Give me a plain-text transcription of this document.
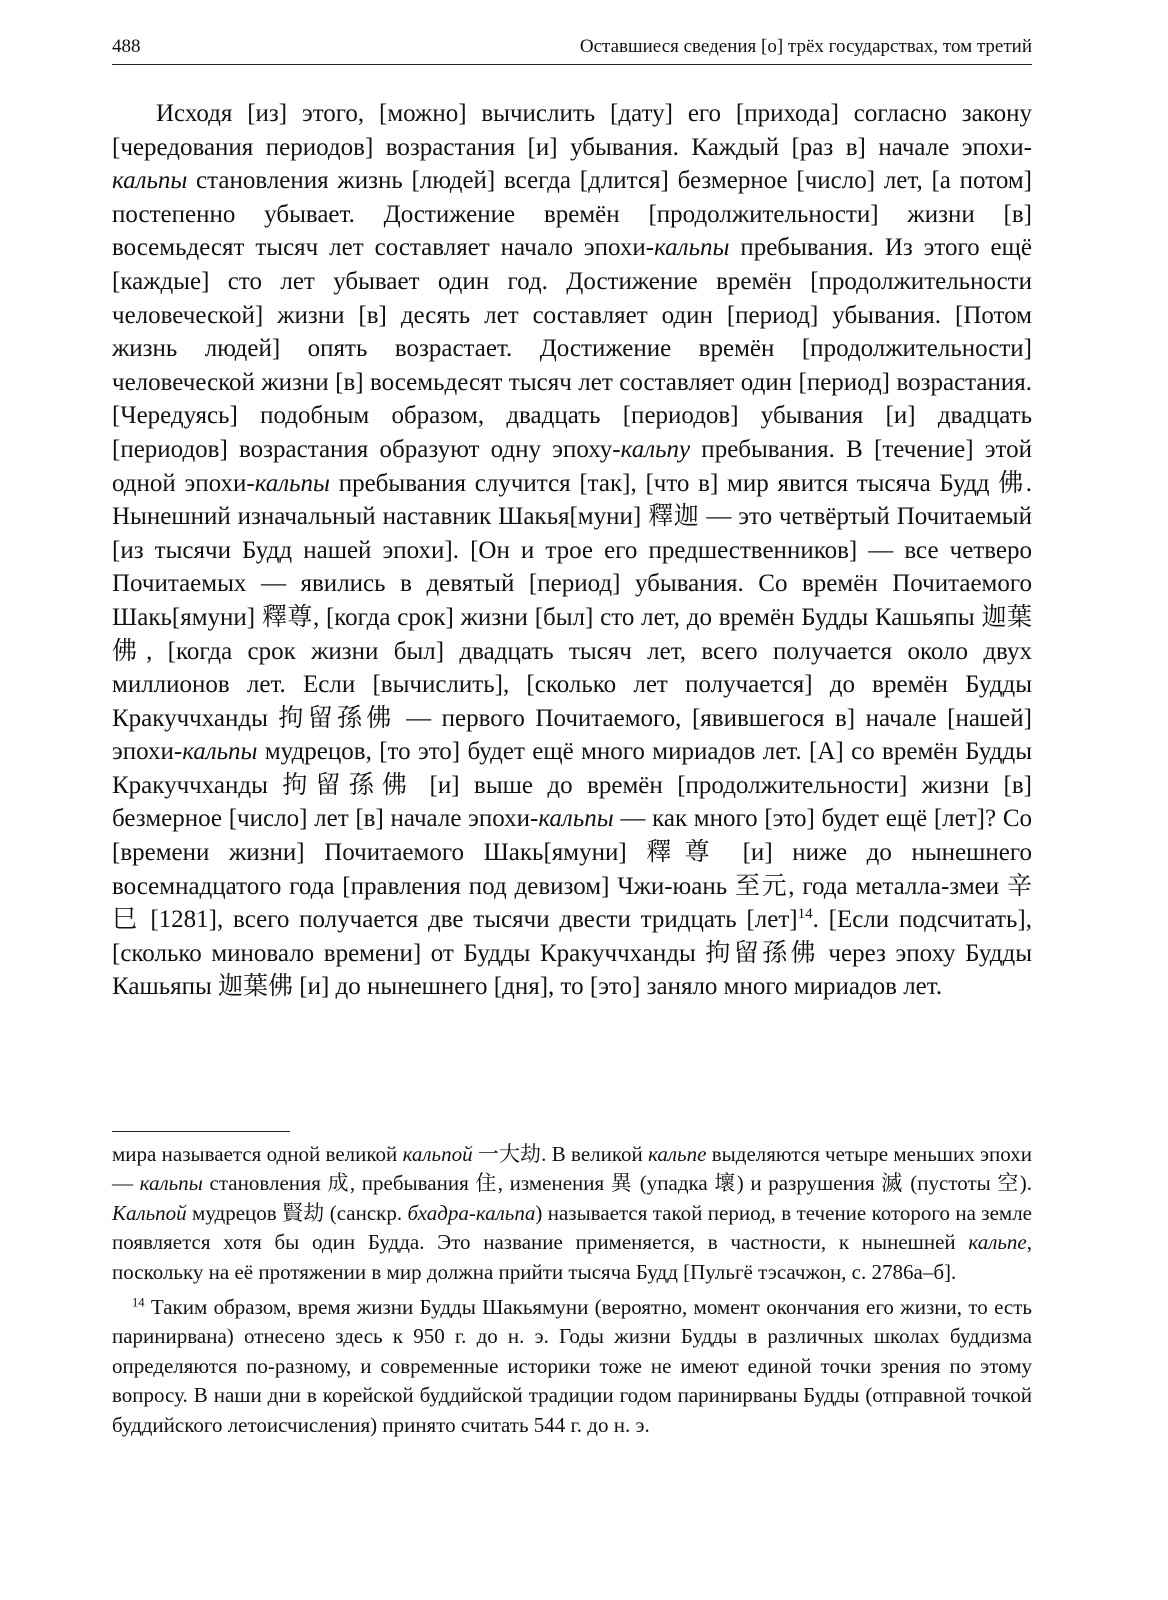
488	Оставшиеся сведения [о] трёх государствах, том третий

Исходя [из] этого, [можно] вычислить [дату] его [прихода] согласно закону [чередования периодов] возрастания [и] убывания. Каждый [раз в] начале эпохи-кальпы становления жизнь [людей] всегда [длится] безмерное [число] лет, [а потом] постепенно убывает. Достижение времён [продолжительности] жизни [в] восемьдесят тысяч лет составляет начало эпохи-кальпы пребывания. Из этого ещё [каждые] сто лет убывает один год. Достижение времён [продолжительности человеческой] жизни [в] десять лет составляет один [период] убывания. [Потом жизнь людей] опять возрастает. Достижение времён [продолжительности] человеческой жизни [в] восемьдесят тысяч лет составляет один [период] возрастания. [Чередуясь] подобным образом, двадцать [периодов] убывания [и] двадцать [периодов] возрастания образуют одну эпоху-кальпу пребывания. В [течение] этой одной эпохи-кальпы пребывания случится [так], [что в] мир явится тысяча Будд 佛. Нынешний изначальный наставник Шакья[муни] 釋迦 — это четвёртый Почитаемый [из тысячи Будд нашей эпохи]. [Он и трое его предшественников] — все четверо Почитаемых — явились в девятый [период] убывания. Со времён Почитаемого Шакь[ямуни] 釋尊, [когда срок] жизни [был] сто лет, до времён Будды Кашьяпы 迦葉佛, [когда срок жизни был] двадцать тысяч лет, всего получается около двух миллионов лет. Если [вычислить], [сколько лет получается] до времён Будды Кракуччханды 拘留孫佛 — первого Почитаемого, [явившегося в] начале [нашей] эпохи-кальпы мудрецов, [то это] будет ещё много мириадов лет. [А] со времён Будды Кракуччханды 拘留孫佛 [и] выше до времён [продолжительности] жизни [в] безмерное [число] лет [в] начале эпохи-кальпы — как много [это] будет ещё [лет]? Со [времени жизни] Почитаемого Шакь[ямуни] 釋尊 [и] ниже до нынешнего восемнадцатого года [правления под девизом] Чжи-юань 至元, года металла-змеи 辛巳 [1281], всего получается две тысячи двести тридцать [лет]$^{14}$. [Если подсчитать], [сколько миновало времени] от Будды Кракуччханды 拘留孫佛 через эпоху Будды Кашьяпы 迦葉佛 [и] до нынешнего [дня], то [это] заняло много мириадов лет.

мира называется одной великой кальпой 一大劫. В великой кальпе выделяются четыре меньших эпохи — кальпы становления 成, пребывания 住, изменения 異 (упадка 壞) и разрушения 滅 (пустоты 空). Кальпой мудрецов 賢劫 (санскр. бхадра-кальпа) называется такой период, в течение которого на земле появляется хотя бы один Будда. Это название применяется, в частности, к нынешней кальпе, поскольку на её протяжении в мир должна прийти тысяча Будд [Пульгё тэсачжон, с. 2786а–б].

$^{14}$ Таким образом, время жизни Будды Шакьямуни (вероятно, момент окончания его жизни, то есть паринирвана) отнесено здесь к 950 г. до н. э. Годы жизни Будды в различных школах буддизма определяются по-разному, и современные историки тоже не имеют единой точки зрения по этому вопросу. В наши дни в корейской буддийской традиции годом паринирваны Будды (отправной точкой буддийского летоисчисления) принято считать 544 г. до н. э.
